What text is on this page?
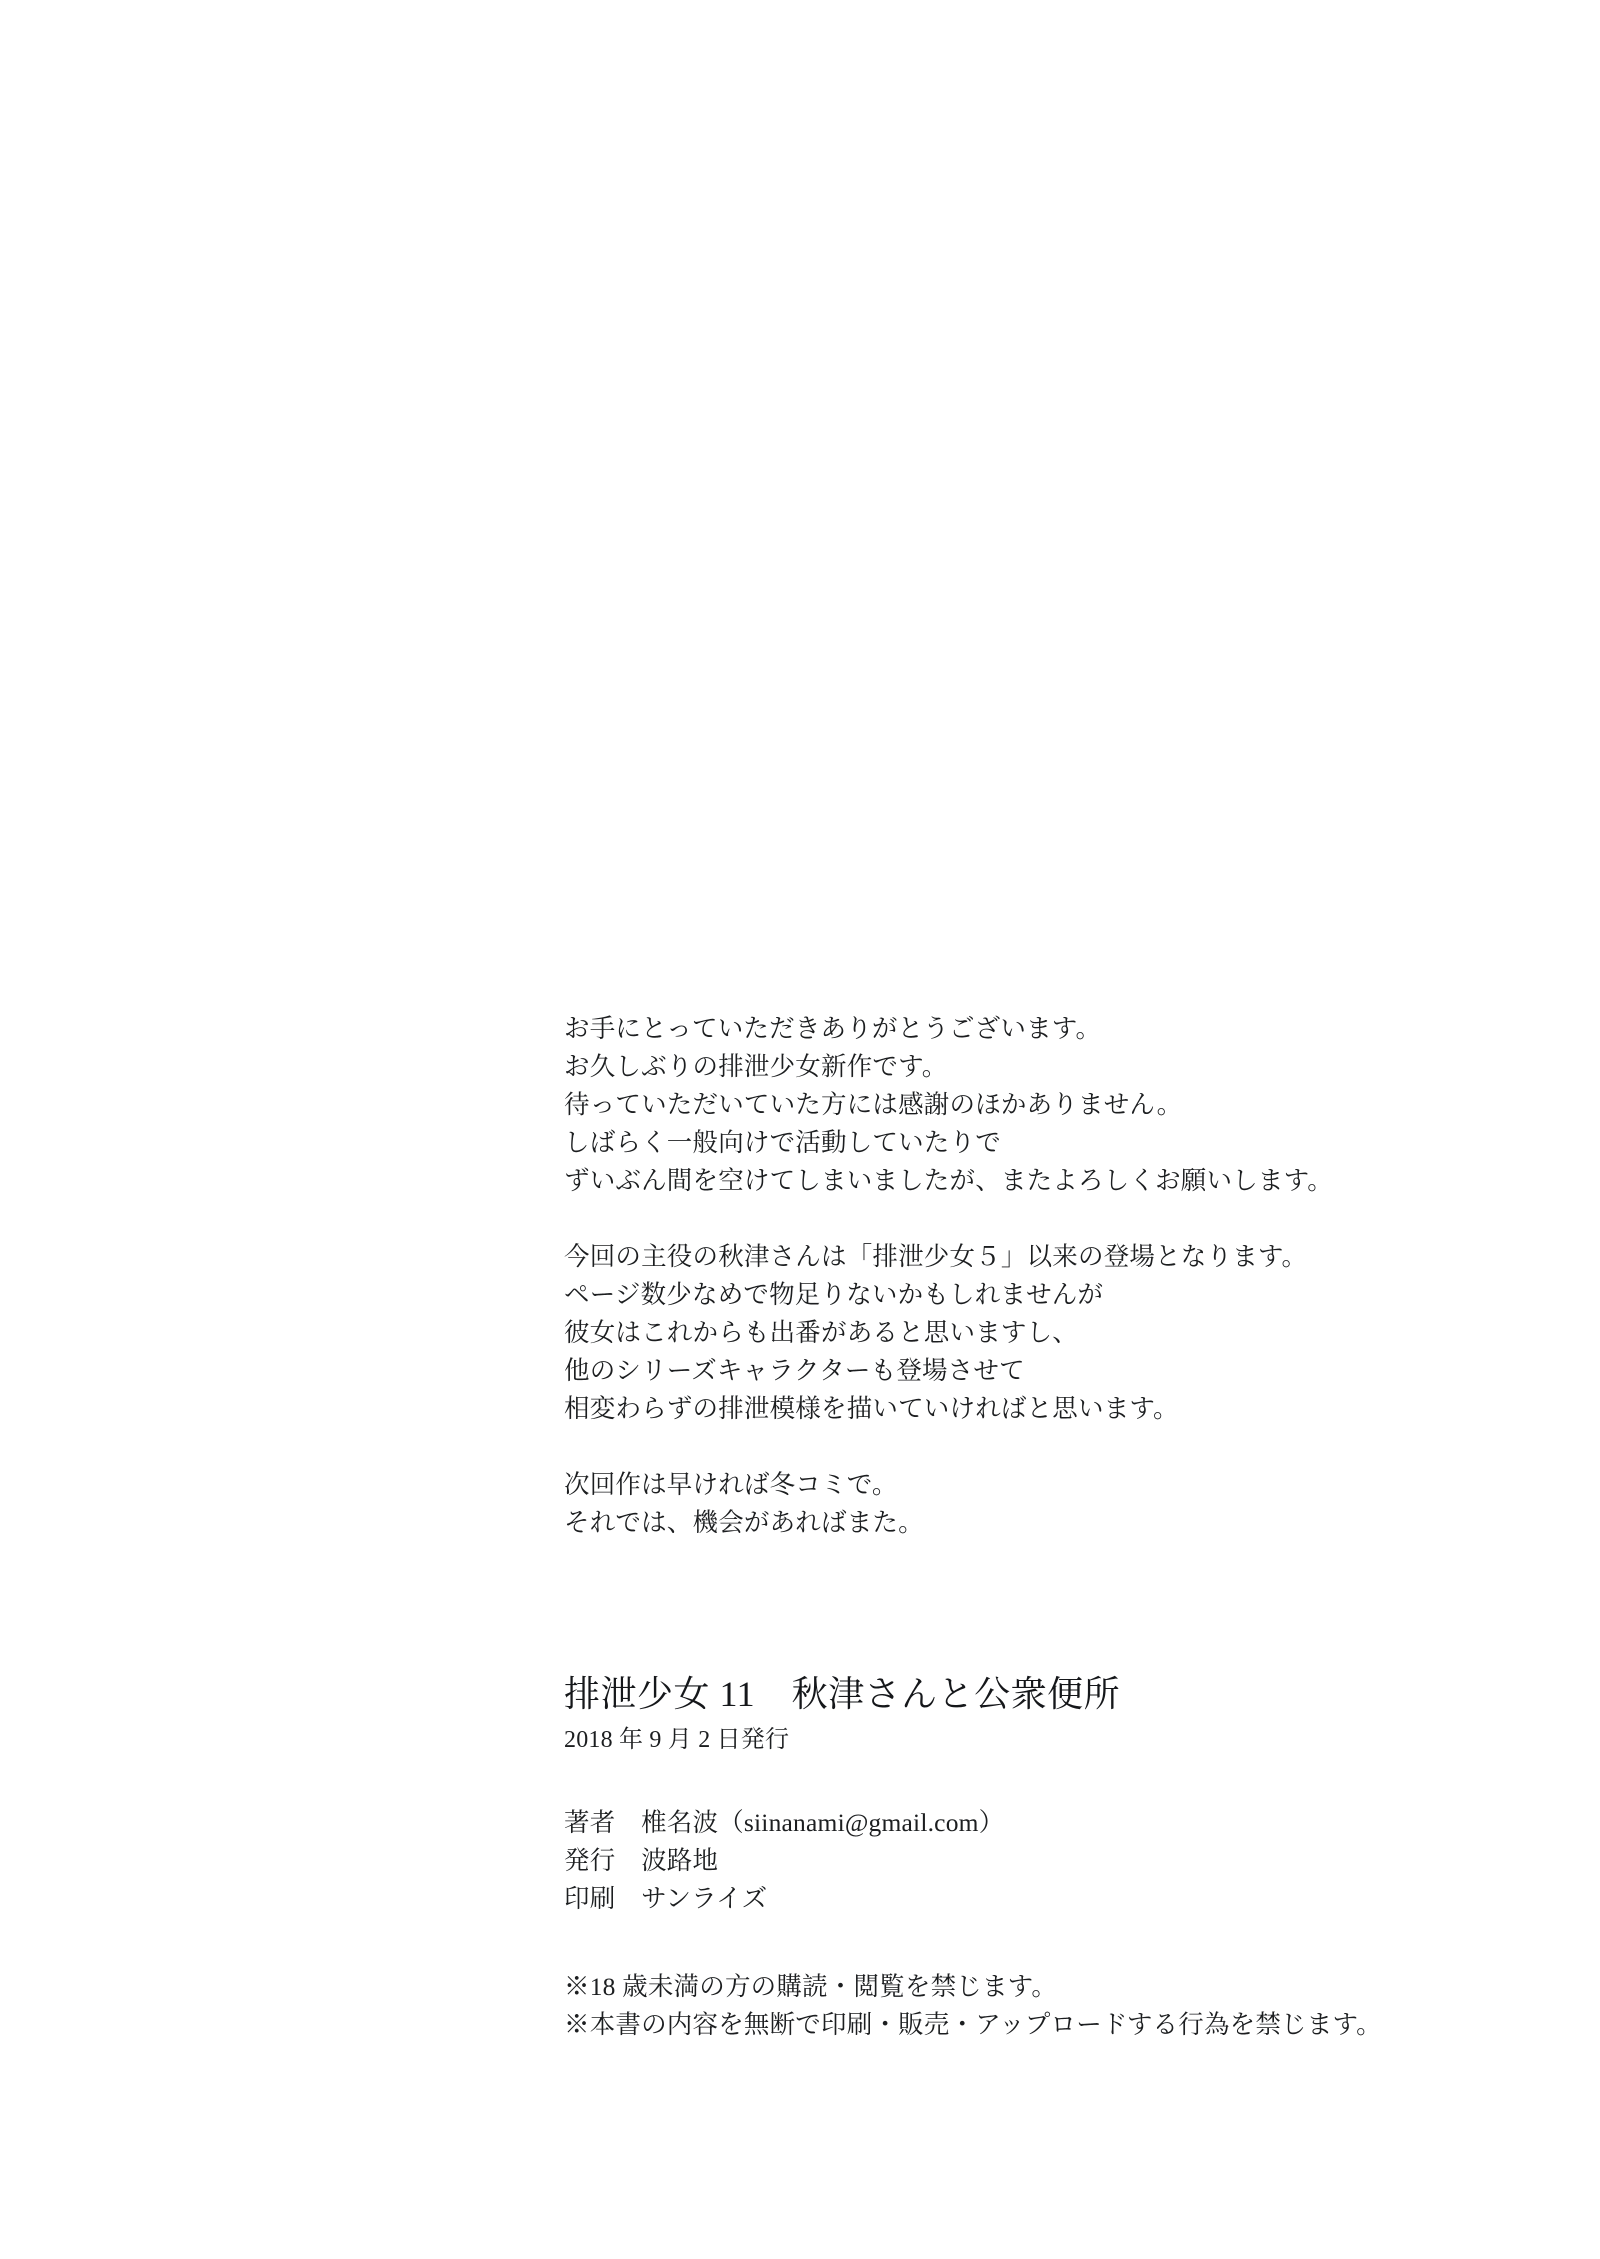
お手にとっていただきありがとうございます。
お久しぶりの排泄少女新作です。
待っていただいていた方には感謝のほかありません。
しばらく一般向けで活動していたりで
ずいぶん間を空けてしまいましたが、またよろしくお願いします。
今回の主役の秋津さんは「排泄少女５」以来の登場となります。
ページ数少なめで物足りないかもしれませんが
彼女はこれからも出番があると思いますし、
他のシリーズキャラクターも登場させて
相変わらずの排泄模様を描いていければと思います。
次回作は早ければ冬コミで。
それでは、機会があればまた。
排泄少女 11　秋津さんと公衆便所
2018 年 9 月 2 日発行
著者　椎名波（siinanami@gmail.com）
発行　波路地
印刷　サンライズ
※18 歳未満の方の購読・閲覧を禁じます。
※本書の内容を無断で印刷・販売・アップロードする行為を禁じます。
